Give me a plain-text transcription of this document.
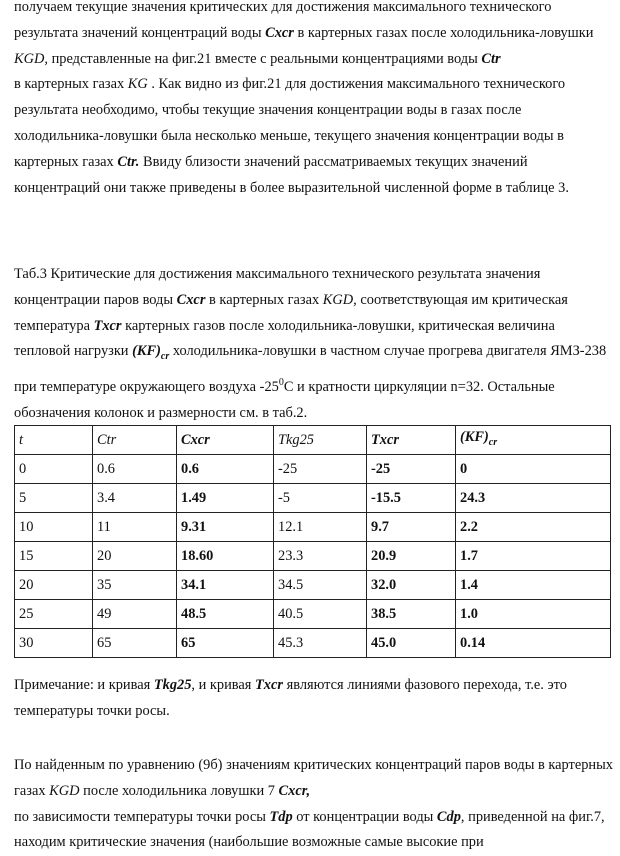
получаем текущие значения критических для достижения максимального технического результата значений концентраций воды Cxcr в картерных газах после холодильника-ловушки KGD, представленные на фиг.21 вместе с реальными концентрациями воды Ctr
в картерных газах KG . Как видно из фиг.21 для достижения максимального технического результата необходимо, чтобы текущие значения концентрации воды в газах после холодильника-ловушки была несколько меньше, текущего значения концентрации воды в картерных газах Ctr. Ввиду близости значений рассматриваемых текущих значений концентраций они также приведены в более выразительной численной форме в таблице 3.

Таб.3 Критические для достижения максимального технического результата значения концентрации паров воды Cxcr в картерных газах KGD, соответствующая им критическая температура Txcr картерных газов после холодильника-ловушки, критическая величина тепловой нагрузки $(KF)_{cr}$ холодильника-ловушки в частном случае прогрева двигателя ЯМЗ-238 при температуре окружающего воздуха $-25^0С$ и кратности циркуляции n=32. Остальные обозначения колонок и размерности см. в таб.2.

t	Ctr	Cxcr	Tkg25	Txcr	$(KF)_{cr}$
0	0.6	0.6	-25	-25	0
5	3.4	1.49	-5	-15.5	24.3
10	11	9.31	12.1	9.7	2.2
15	20	18.60	23.3	20.9	1.7
20	35	34.1	34.5	32.0	1.4
25	49	48.5	40.5	38.5	1.0
30	65	65	45.3	45.0	0.14

Примечание: и кривая Tkg25, и кривая Txcr являются линиями фазового перехода, т.е. это температуры точки росы.

По найденным по уравнению (9б) значениям критических концентраций паров воды в картерных газах KGD после холодильника ловушки 7 Cxcr,
по зависимости температуры точки росы Tdp от концентрации воды Cdp, приведенной на фиг.7, находим критические значения (наибольшие возможные самые высокие при
